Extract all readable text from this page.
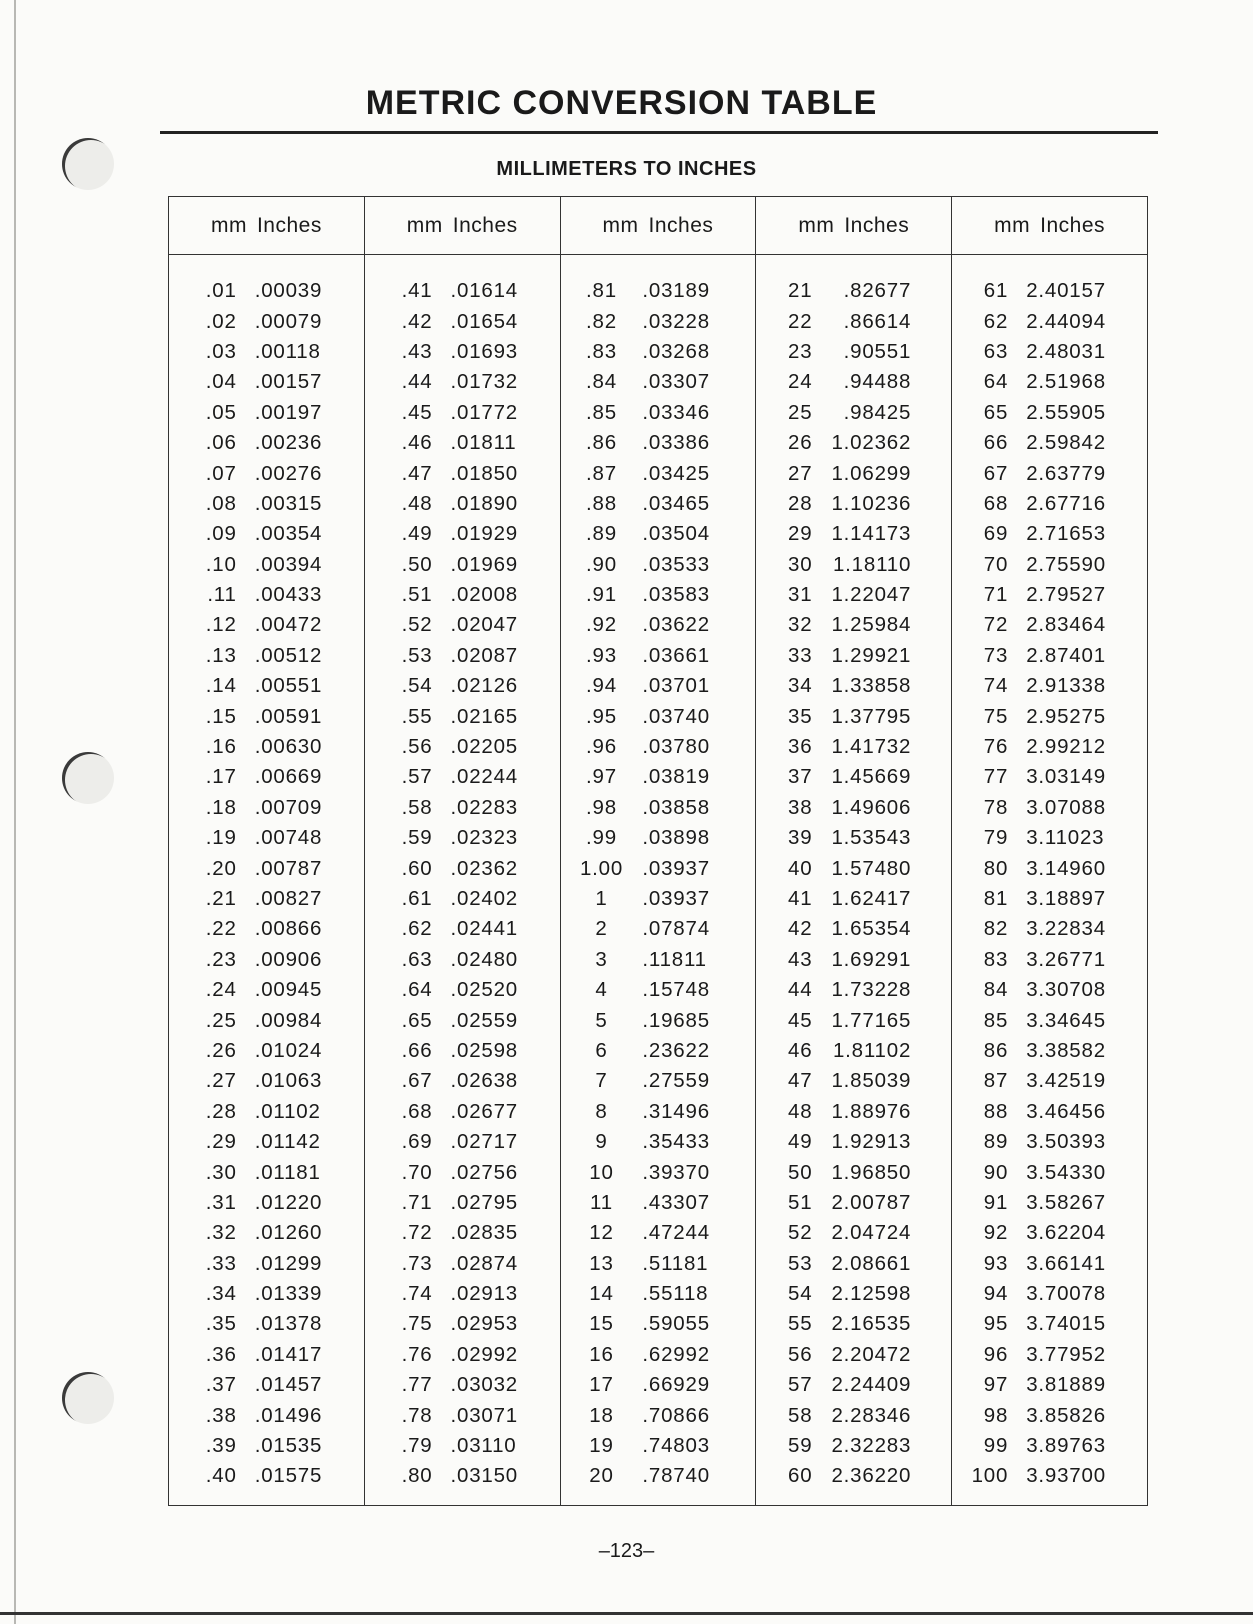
METRIC CONVERSION TABLE
MILLIMETERS TO INCHES
mm Inches
.01 .00039
.02 .00079
.03 .00118
.04 .00157
.05 .00197
.06 .00236
.07 .00276
.08 .00315
.09 .00354
.10 .00394
.11 .00433
.12 .00472
.13 .00512
.14 .00551
.15 .00591
.16 .00630
.17 .00669
.18 .00709
.19 .00748
.20 .00787
.21 .00827
.22 .00866
.23 .00906
.24 .00945
.25 .00984
.26 .01024
.27 .01063
.28 .01102
.29 .01142
.30 .01181
.31 .01220
.32 .01260
.33 .01299
.34 .01339
.35 .01378
.36 .01417
.37 .01457
.38 .01496
.39 .01535
.40 .01575
mm Inches
.41 .01614
.42 .01654
.43 .01693
.44 .01732
.45 .01772
.46 .01811
.47 .01850
.48 .01890
.49 .01929
.50 .01969
.51 .02008
.52 .02047
.53 .02087
.54 .02126
.55 .02165
.56 .02205
.57 .02244
.58 .02283
.59 .02323
.60 .02362
.61 .02402
.62 .02441
.63 .02480
.64 .02520
.65 .02559
.66 .02598
.67 .02638
.68 .02677
.69 .02717
.70 .02756
.71 .02795
.72 .02835
.73 .02874
.74 .02913
.75 .02953
.76 .02992
.77 .03032
.78 .03071
.79 .03110
.80 .03150
mm Inches
.81	.03189
.82	.03228
.83	.03268
.84	.03307
.85	.03346
.86	.03386
.87	.03425
.88	.03465
.89	.03504
.90	.03533
.91	.03583
.92	.03622
.93	.03661
.94	.03701
.95	.03740
.96	.03780
.97	.03819
.98	.03858
.99	.03898
1.00 .03937
1	.03937
2	.07874
3	.11811
4	.15748
5	.19685
6	.23622
7	.27559
8	.31496
9	.35433
10	.39370
11	.43307
12	.47244
13	.51181
14	.55118
15	.59055
16	.62992
17	.66929
18	.70866
19	.74803
20	.78740
mm Inches
21	.82677
22	.86614
23	.90551
24	.94488
25	.98425
26 1.02362
27 1.06299
28 1.10236
29 1.14173
30	1.18110
31 1.22047
32 1.25984
33 1.29921
34 1.33858
35 1.37795
36 1.41732
37 1.45669
38 1.49606
39 1.53543
40 1.57480
41 1.62417
42 1.65354
43 1.69291
44 1.73228
45 1.77165
46	1.81102
47 1.85039
48 1.88976
49 1.92913
50 1.96850
51 2.00787
52 2.04724
53 2.08661
54 2.12598
55 2.16535
56 2.20472
57 2.24409
58 2.28346
59 2.32283
60 2.36220
mm Inches
61 2.40157
62 2.44094
63 2.48031
64 2.51968
65 2.55905
66 2.59842
67 2.63779
68 2.67716
69 2.71653
70 2.75590
71 2.79527
72 2.83464
73 2.87401
74 2.91338
75 2.95275
76 2.99212
77 3.03149
78 3.07088
79 3.11023
80 3.14960
81 3.18897
82 3.22834
83 3.26771
84 3.30708
85 3.34645
86 3.38582
87 3.42519
88 3.46456
89 3.50393
90 3.54330
91 3.58267
92 3.62204
93 3.66141
94 3.70078
95 3.74015
96 3.77952
97 3.81889
98 3.85826
99 3.89763
100 3.93700
–123–
